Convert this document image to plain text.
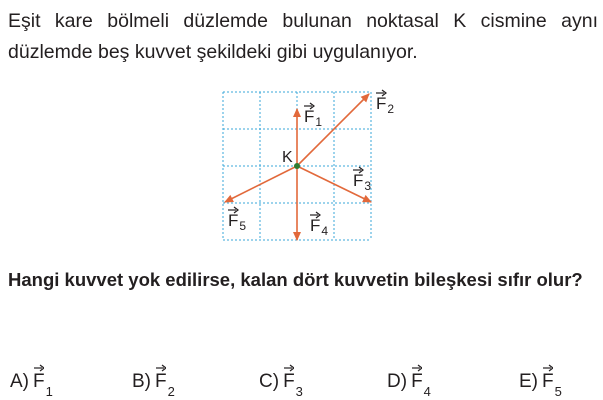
Eşit kare bölmeli düzlemde bulunan noktasal K cismine aynı düzlemde beş kuvvet şekildeki gibi uygulanıyor.
K
F 1
F 2
F 3
F 4
F 5
Hangi kuvvet yok edilirse, kalan dört kuvvetin bileşkesi sıfır olur?
A) F 1	B) F 2	C) F 3	D) F 4	E) F 5
